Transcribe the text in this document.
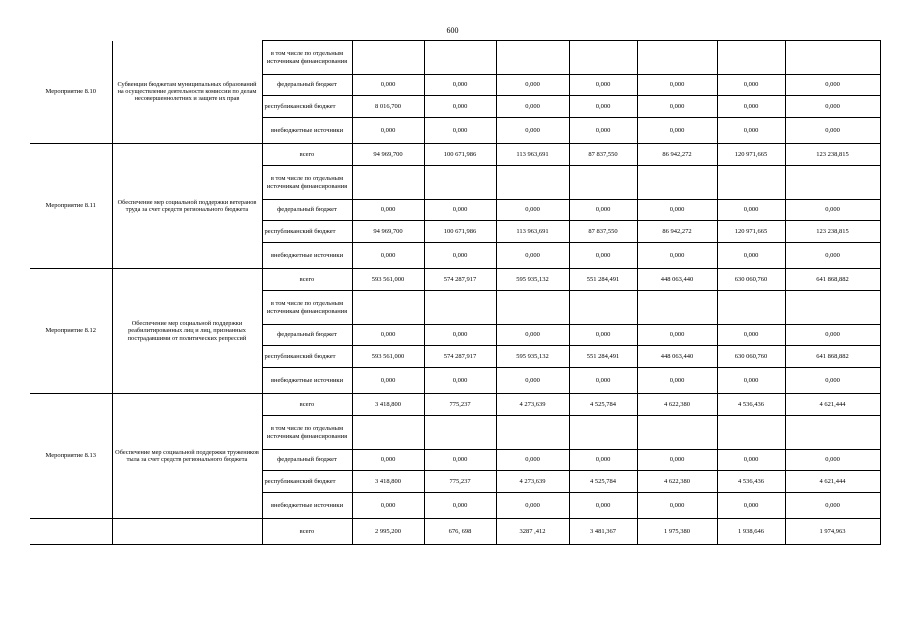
600
Мероприятие 8.10	Субвенции бюджетам муниципальных образований на осуществление деятельности комиссии по делам несовершеннолетних и защите их прав	в том числе по отдельным источникам финансирования							
		федеральный бюджет	0,000	0,000	0,000	0,000	0,000	0,000	0,000
		республиканский бюджет	8 016,700	0,000	0,000	0,000	0,000	0,000	0,000
		внебюджетные источники	0,000	0,000	0,000	0,000	0,000	0,000	0,000
Мероприятие 8.11	Обеспечение мер социальной поддержки ветеранов труда за счет средств регионального бюджета	всего	94 969,700	100 671,986	113 963,691	87 837,550	86 942,272	120 971,665	123 238,815
		в том числе по отдельным источникам финансирования							
		федеральный бюджет	0,000	0,000	0,000	0,000	0,000	0,000	0,000
		республиканский бюджет	94 969,700	100 671,986	113 963,691	87 837,550	86 942,272	120 971,665	123 238,815
		внебюджетные источники	0,000	0,000	0,000	0,000	0,000	0,000	0,000
Мероприятие 8.12	Обеспечение мер социальной поддержки реабилитированных лиц и лиц, признанных пострадавшими от политических репрессий	всего	593 561,000	574 287,917	595 935,132	551 284,491	448 063,440	630 060,760	641 868,882
		в том числе по отдельным источникам финансирования							
		федеральный бюджет	0,000	0,000	0,000	0,000	0,000	0,000	0,000
		республиканский бюджет	593 561,000	574 287,917	595 935,132	551 284,491	448 063,440	630 060,760	641 868,882
		внебюджетные источники	0,000	0,000	0,000	0,000	0,000	0,000	0,000
Мероприятие 8.13	Обеспечение мер социальной поддержки тружеников тыла за счет средств регионального бюджета	всего	3 418,800	775,237	4 273,639	4 525,784	4 622,380	4 536,436	4 621,444
		в том числе по отдельным источникам финансирования							
		федеральный бюджет	0,000	0,000	0,000	0,000	0,000	0,000	0,000
		республиканский бюджет	3 418,800	775,237	4 273,639	4 525,784	4 622,380	4 536,436	4 621,444
		внебюджетные источники	0,000	0,000	0,000	0,000	0,000	0,000	0,000
		всего	2 995,200	676, 698	3287 ,412	3 481,367	1 975,380	1 938,646	1 974,963
